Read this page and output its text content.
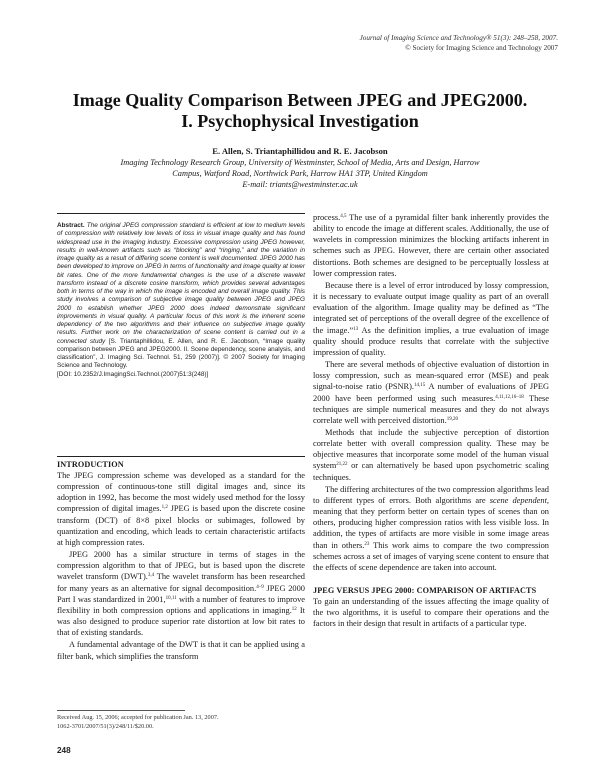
Journal of Imaging Science and Technology® 51(3): 248–258, 2007.
© Society for Imaging Science and Technology 2007
Image Quality Comparison Between JPEG and JPEG2000.
I. Psychophysical Investigation
E. Allen, S. Triantaphillidou and R. E. Jacobson
Imaging Technology Research Group, University of Westminster, School of Media, Arts and Design, Harrow
Campus, Watford Road, Northwick Park, Harrow HA1 3TP, United Kingdom
E-mail: triants@westminster.ac.uk
Abstract. The original JPEG compression standard is efficient at low to medium levels of compression with relatively low levels of loss in visual image quality and has found widespread use in the imaging industry. Excessive compression using JPEG however, results in well-known artifacts such as “blocking” and “ringing,” and the variation in image quality as a result of differing scene content is well documented. JPEG 2000 has been developed to improve on JPEG in terms of functionality and image quality at lower bit rates. One of the more fundamental changes is the use of a discrete wavelet transform instead of a discrete cosine transform, which provides several advantages both in terms of the way in which the image is encoded and overall image quality. This study involves a comparison of subjective image quality between JPEG and JPEG 2000 to establish whether JPEG 2000 does indeed demonstrate significant improvements in visual quality. A particular focus of this work is the inherent scene dependency of the two algorithms and their influence on subjective image quality results. Further work on the characterization of scene content is carried out in a connected study [S. Triantaphillidou, E. Allen, and R. E. Jacobson, “Image quality comparison between JPEG and JPEG2000. II. Scene dependency, scene analysis, and classification”, J. Imaging Sci. Technol. 51, 259 (2007)]. © 2007 Society for Imaging Science and Technology.
[DOI: 10.2352/J.ImagingSci.Technol.(2007)51:3(248)]
INTRODUCTION

The JPEG compression scheme was developed as a standard for the compression of continuous-tone still digital images and, since its adoption in 1992, has become the most widely used method for the lossy compression of digital images.$^{1,2}$ JPEG is based upon the discrete cosine transform (DCT) of 8×8 pixel blocks or subimages, followed by quantization and encoding, which leads to certain characteristic artifacts at high compression rates.

JPEG 2000 has a similar structure in terms of stages in the compression algorithm to that of JPEG, but is based upon the discrete wavelet transform (DWT).$^{3,4}$ The wavelet transform has been researched for many years as an alternative for signal decomposition.$^{4-9}$ JPEG 2000 Part I was standardized in 2001,$^{10,11}$ with a number of features to improve flexibility in both compression options and applications in imaging.$^{12}$ It was also designed to produce superior rate distortion at low bit rates to that of existing standards.

A fundamental advantage of the DWT is that it can be applied using a filter bank, which simplifies the transform

process.$^{4,5}$ The use of a pyramidal filter bank inherently provides the ability to encode the image at different scales. Additionally, the use of wavelets in compression minimizes the blocking artifacts inherent in schemes such as JPEG. However, there are certain other associated distortions. Both schemes are designed to be perceptually lossless at lower compression rates.

Because there is a level of error introduced by lossy compression, it is necessary to evaluate output image quality as part of an overall evaluation of the algorithm. Image quality may be defined as “The integrated set of perceptions of the overall degree of the excellence of the image.”$^{13}$ As the definition implies, a true evaluation of image quality should produce results that correlate with the subjective impression of quality.

There are several methods of objective evaluation of distortion in lossy compression, such as mean-squared error (MSE) and peak signal-to-noise ratio (PSNR).$^{14,15}$ A number of evaluations of JPEG 2000 have been performed using such measures.$^{4,11,12,16-18}$ These techniques are simple numerical measures and they do not always correlate well with perceived distortion.$^{19,20}$

Methods that include the subjective perception of distortion correlate better with overall compression quality. These may be objective measures that incorporate some model of the human visual system$^{21,22}$ or can alternatively be based upon psychometric scaling techniques.

The differing architectures of the two compression algorithms lead to different types of errors. Both algorithms are scene dependent, meaning that they perform better on certain types of scenes than on others, producing higher compression ratios with less visible loss. In addition, the types of artifacts are more visible in some image areas than in others.$^{23}$ This work aims to compare the two compression schemes across a set of images of varying scene content to ensure that the effects of scene dependence are taken into account.

JPEG VERSUS JPEG 2000: COMPARISON OF ARTIFACTS

To gain an understanding of the issues affecting the image quality of the two algorithms, it is useful to compare their operations and the factors in their design that result in artifacts of a particular type.

Received Aug. 15, 2006; accepted for publication Jan. 13, 2007.
1062-3701/2007/51(3)/248/11/$20.00.
248
